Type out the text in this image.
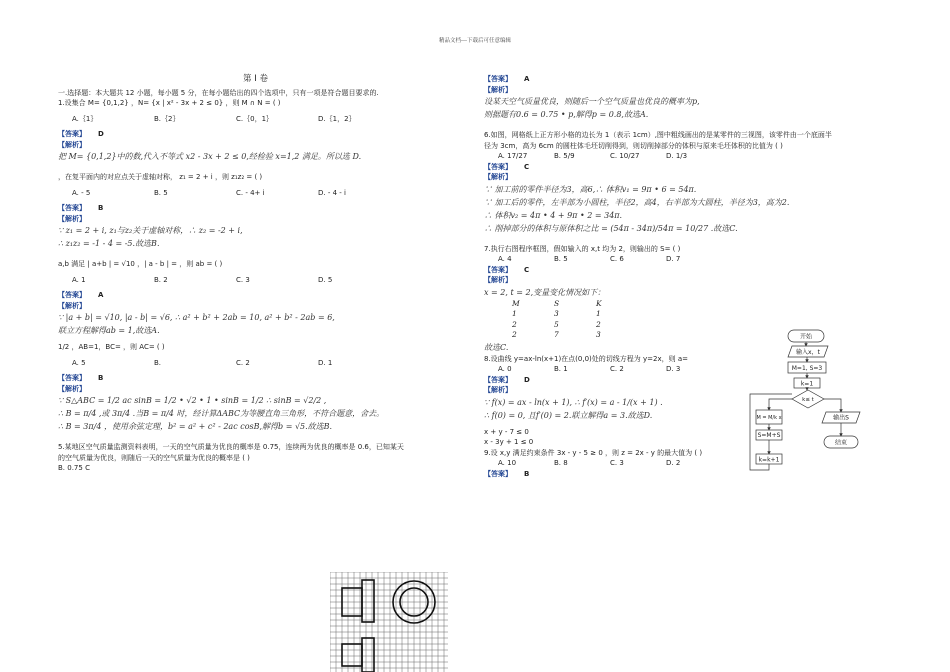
精品文档---下载后可任意编辑
第 I 卷
一.选择题：本大题共 12 小题，每小题 5 分，在每小题给出的四个选项中，只有一项是符合题目要求的.
1.设集合 M= {0,1,2} ，N= {x | x² - 3x + 2 ≤ 0} ，则 M ∩ N = ( )
A.｛1｝	B.｛2｝	C.｛0，1｝	D.｛1，2｝
【答案】 D
【解析】
把 M= {0,1,2}中的数,代入不等式 x2 - 3x + 2 ≤ 0,经检验 x=1,2 满足。所以选 D.
，在复平面内的对应点关于虚轴对称， z₁ = 2 + i ，则 z₁z₂ = ( )
A. - 5	B. 5	C. - 4+ i	D. - 4 - i
【答案】 B
【解析】
∵ z₁ = 2 + i, z₁与z₂关于虚轴对称，∴ z₂ = -2 + i,
∴ z₁z₂ = -1 - 4 = -5.故选B.
a,b 满足 | a+b | = √10 ，| a - b | = ，则 ab = ( )
A. 1	B. 2	C. 3	D. 5
【答案】 A
【解析】
∵ |a + b| = √10, |a - b| = √6, ∴ a² + b² + 2ab = 10, a² + b² - 2ab = 6,
联立方程解得ab = 1,故选A.
1/2 ，AB=1，BC= ，则 AC= ( )
A. 5	B.	C. 2	D. 1
【答案】 B
【解析】
∵ S△ABC = 1/2 ac sinB = 1/2 • √2 • 1 • sinB = 1/2 ∴ sinB = √2/2 ,
∴ B = π/4 ,或 3π/4 .当B = π/4 时，经计算ΔABC为等腰直角三角形，不符合题意，舍去。
∴ B = 3π/4 ，使用余弦定理，b² = a² + c² - 2ac cosB,解得b = √5.故选B.
5.某地区空气质量监测资料表明，一天的空气质量为优良的概率是 0.75，连续两为优良的概率是 0.6，已知某天
的空气质量为优良，则随后一天的空气质量为优良的概率是 ( )
B. 0.75 C
【答案】 A
【解析】
设某天空气质量优良，则随后一个空气质量也优良的概率为p,
则据题有0.6 = 0.75 • p,解得p = 0.8,故选A.
6.如图，网格纸上正方形小格的边长为 1（表示 1cm）,图中粗线画出的是某零件的三视图，该零件由一个底面半
径为 3cm，高为 6cm 的圆柱体毛坯切削得到，则切削掉部分的体积与原来毛坯体积的比值为 ( )
A. 17/27	B. 5/9	C. 10/27	D. 1/3
【答案】 C
【解析】
∵ 加工前的零件半径为3，高6,∴ 体积v₁ = 9π • 6 = 54π.
∵ 加工后的零件，左半部为小圆柱，半径2，高4，右半部为大圆柱，半径为3，高为2.
∴ 体积v₂ = 4π • 4 + 9π • 2 = 34π.
∴ 削掉部分的体积与原体积之比 = (54π - 34π)/54π = 10/27 .故选C.
7.执行右图程序框图，假如输入的 x,t 均为 2，则输出的 S= ( )
A. 4	B. 5	C. 6	D. 7
【答案】 C
【解析】
x = 2, t = 2,变量变化情况如下：
M	S	K
1	3	1
2	5	2
2	7	3
故选C.
8.设曲线 y=ax-ln(x+1)在点(0,0)处的切线方程为 y=2x，则 a=
A. 0	B. 1	C. 2	D. 3
【答案】 D
【解析】
∵ f(x) = ax - ln(x + 1), ∴ f′(x) = a - 1/(x + 1) .
∴ f(0) = 0, 且f′(0) = 2.联立解得a = 3.故选D.
x + y - 7 ≤ 0
x - 3y + 1 ≤ 0
9.设 x,y 满足约束条件 3x - y - 5 ≥ 0 ，则 z = 2x - y 的最大值为 ( )
A. 10	B. 8	C. 3	D. 2
【答案】 B
开始
输入x，t
M=1, S=3
k=1
k≤ t
M = M/k x
S=M+S
k=k+1
输出S
结束
